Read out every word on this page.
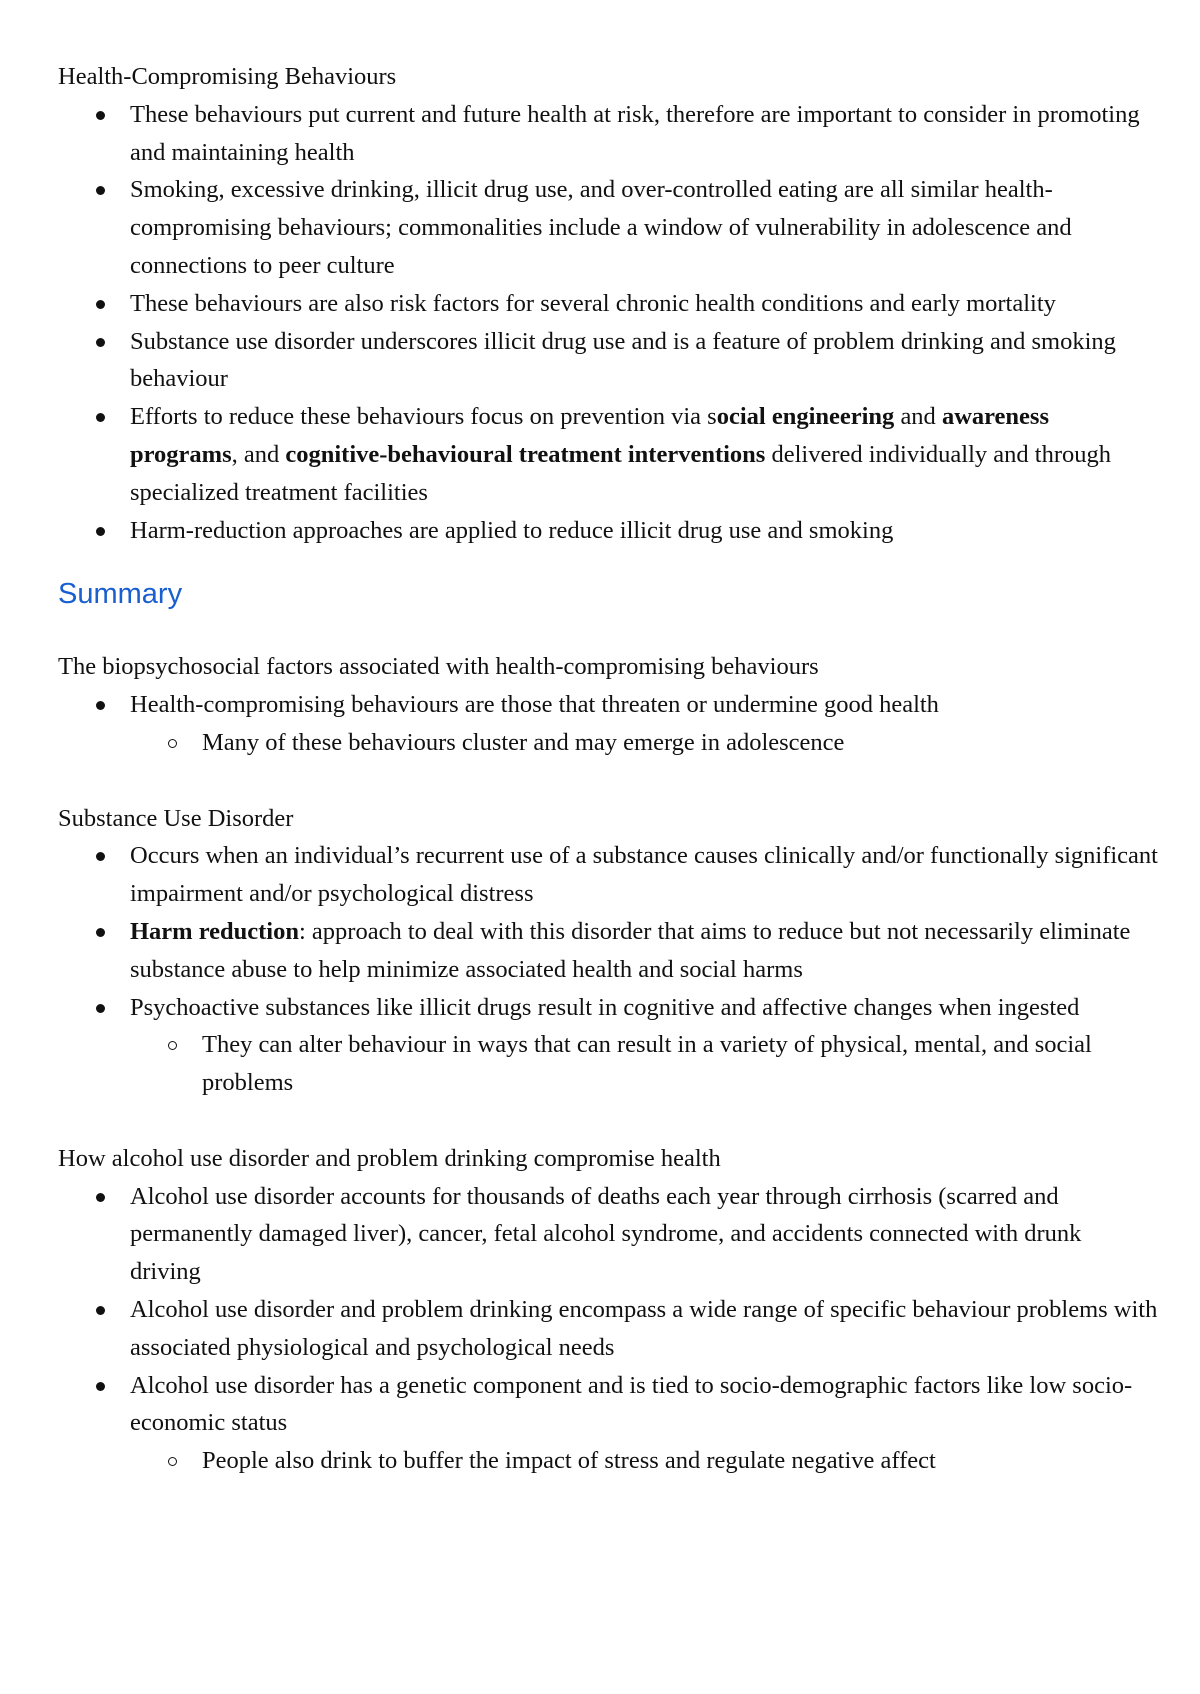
Health-Compromising Behaviours

These behaviours put current and future health at risk, therefore are important to consider in promoting and maintaining health
Smoking, excessive drinking, illicit drug use, and over-controlled eating are all similar health-compromising behaviours; commonalities include a window of vulnerability in adolescence and connections to peer culture
These behaviours are also risk factors for several chronic health conditions and early mortality
Substance use disorder underscores illicit drug use and is a feature of problem drinking and smoking behaviour
Efforts to reduce these behaviours focus on prevention via social engineering and awareness programs, and cognitive-behavioural treatment interventions delivered individually and through specialized treatment facilities
Harm-reduction approaches are applied to reduce illicit drug use and smoking
Summary

The biopsychosocial factors associated with health-compromising behaviours

Health-compromising behaviours are those that threaten or undermine good health
Many of these behaviours cluster and may emerge in adolescence

Substance Use Disorder

Occurs when an individual’s recurrent use of a substance causes clinically and/or functionally significant impairment and/or psychological distress
Harm reduction: approach to deal with this disorder that aims to reduce but not necessarily eliminate substance abuse to help minimize associated health and social harms
Psychoactive substances like illicit drugs result in cognitive and affective changes when ingested
They can alter behaviour in ways that can result in a variety of physical, mental, and social problems

How alcohol use disorder and problem drinking compromise health

Alcohol use disorder accounts for thousands of deaths each year through cirrhosis (scarred and permanently damaged liver), cancer, fetal alcohol syndrome, and accidents connected with drunk driving
Alcohol use disorder and problem drinking encompass a wide range of specific behaviour problems with associated physiological and psychological needs
Alcohol use disorder has a genetic component and is tied to socio-demographic factors like low socio-economic status
People also drink to buffer the impact of stress and regulate negative affect
